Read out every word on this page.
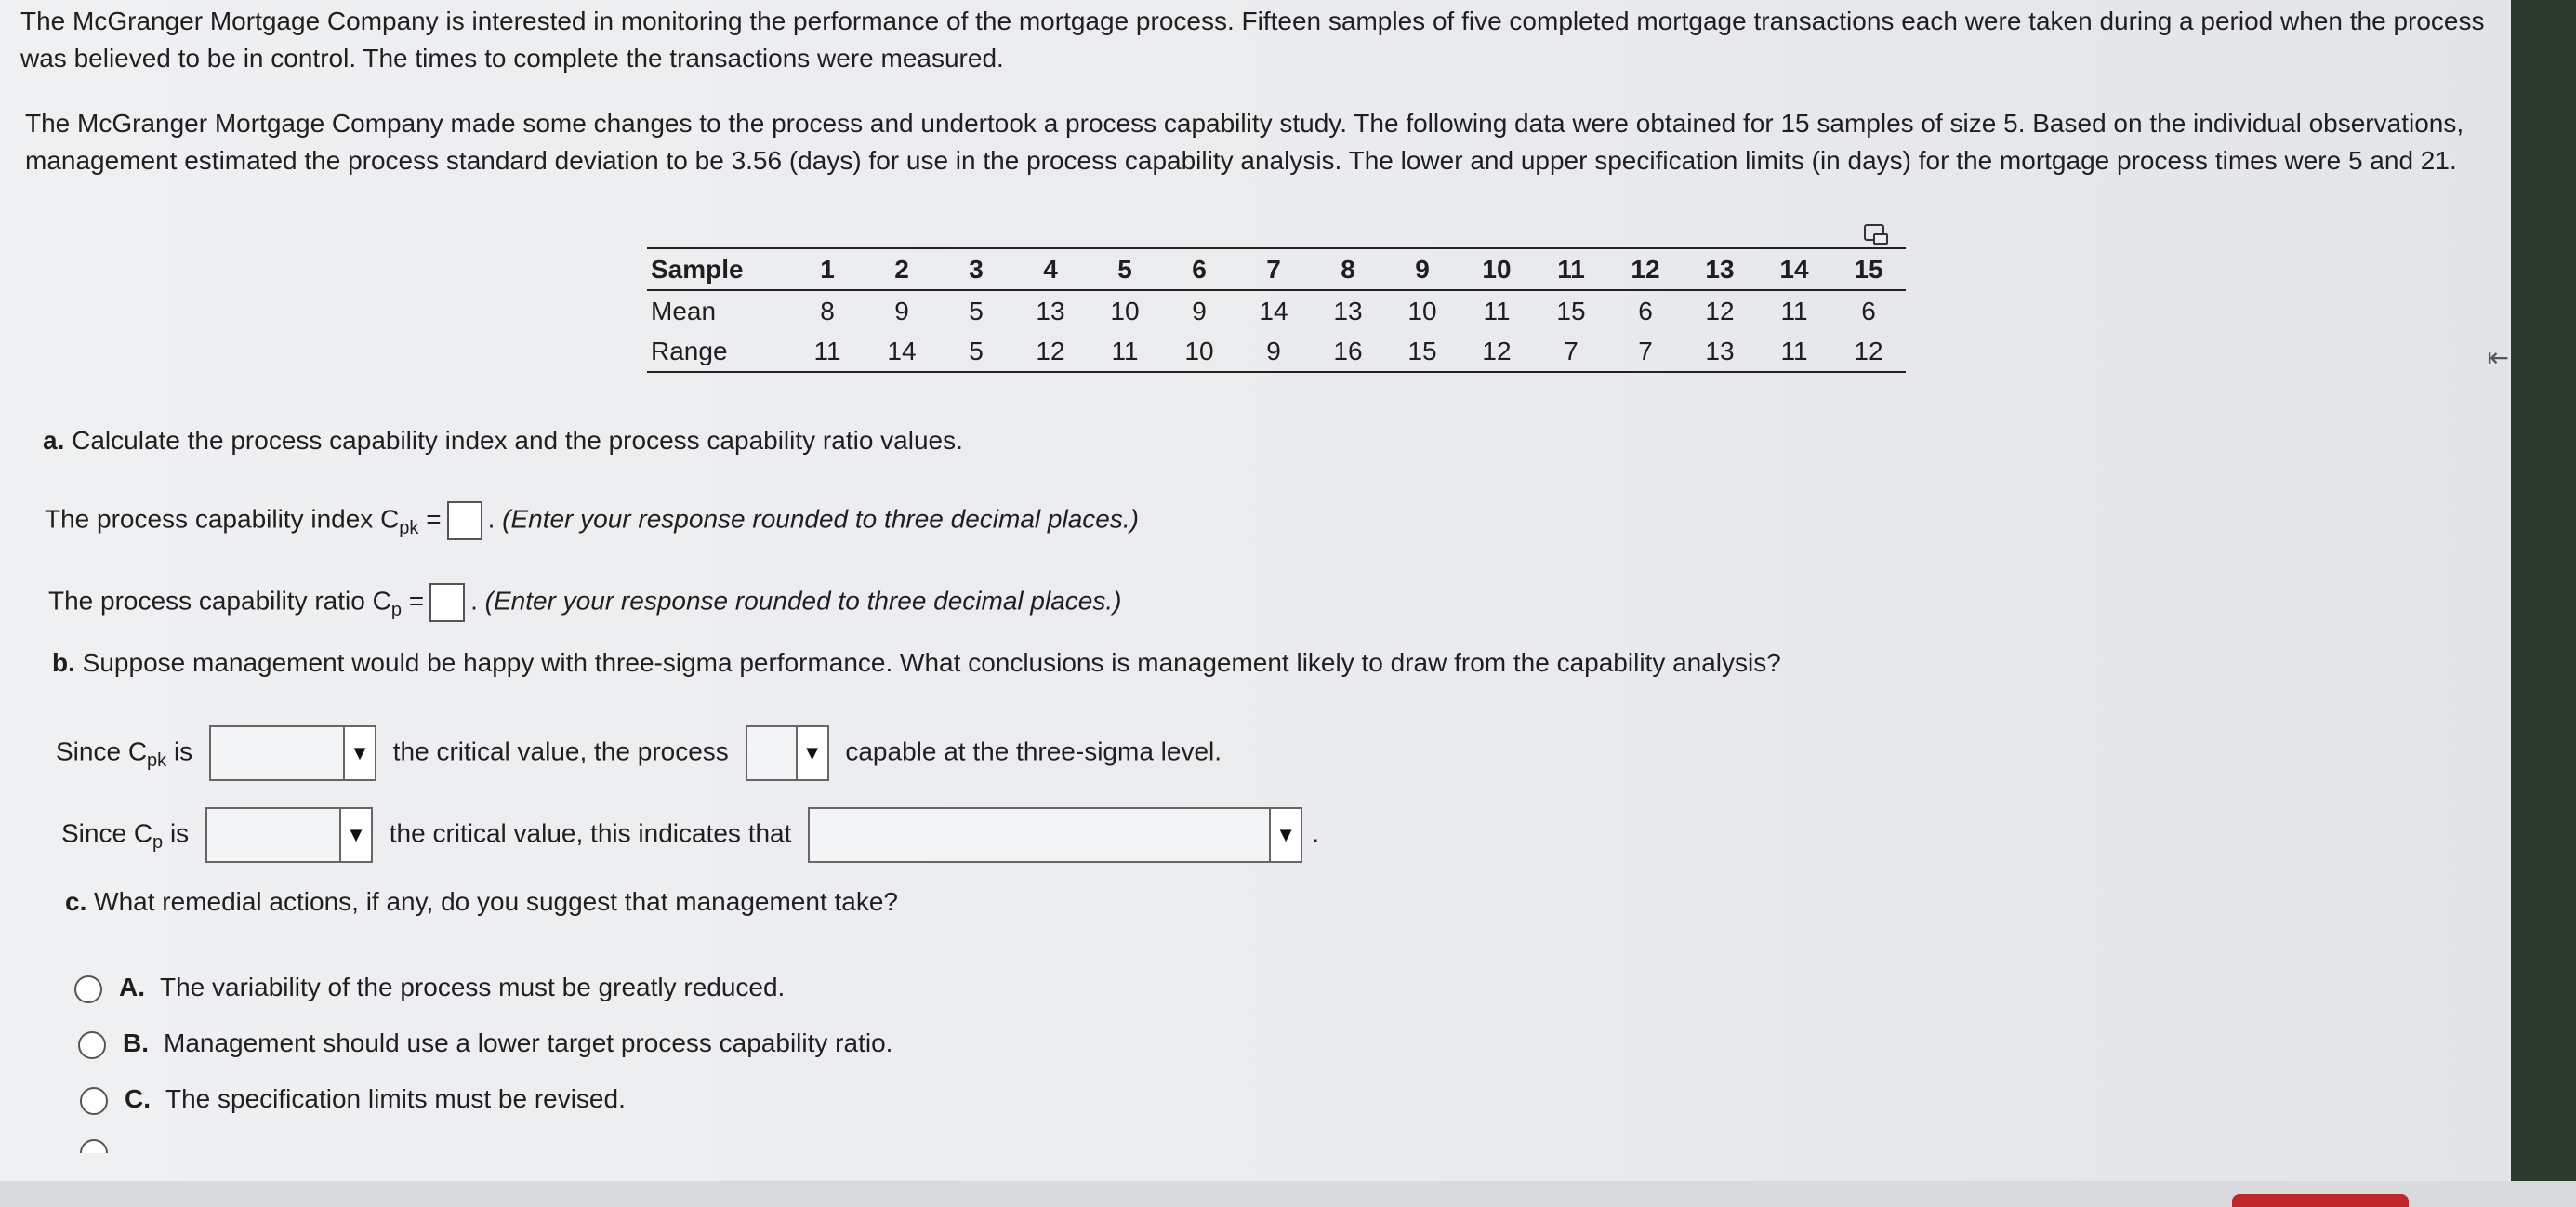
The McGranger Mortgage Company is interested in monitoring the performance of the mortgage process. Fifteen samples of five completed mortgage transactions each were taken during a period when the process was believed to be in control. The times to complete the transactions were measured.
The McGranger Mortgage Company made some changes to the process and undertook a process capability study. The following data were obtained for 15 samples of size 5. Based on the individual observations, management estimated the process standard deviation to be 3.56 (days) for use in the process capability analysis. The lower and upper specification limits (in days) for the mortgage process times were 5 and 21.
Sample	1	2	3	4	5	6	7	8	9	10	11	12	13	14	15
Mean	8	9	5	13	10	9	14	13	10	11	15	6	12	11	6
Range	11	14	5	12	11	10	9	16	15	12	7	7	13	11	12
a. Calculate the process capability index and the process capability ratio values.
The process capability index $C_{pk}$ = . (Enter your response rounded to three decimal places.)
The process capability ratio $C_p$ = . (Enter your response rounded to three decimal places.)
b. Suppose management would be happy with three-sigma performance. What conclusions is management likely to draw from the capability analysis?
Since $C_{pk}$ is	▼ the critical value, the process	▼ capable at the three-sigma level.
Since $C_p$ is	▼ the critical value, this indicates that	▼ .
c. What remedial actions, if any, do you suggest that management take?
A. The variability of the process must be greatly reduced.
B. Management should use a lower target process capability ratio.
C. The specification limits must be revised.
⇤
